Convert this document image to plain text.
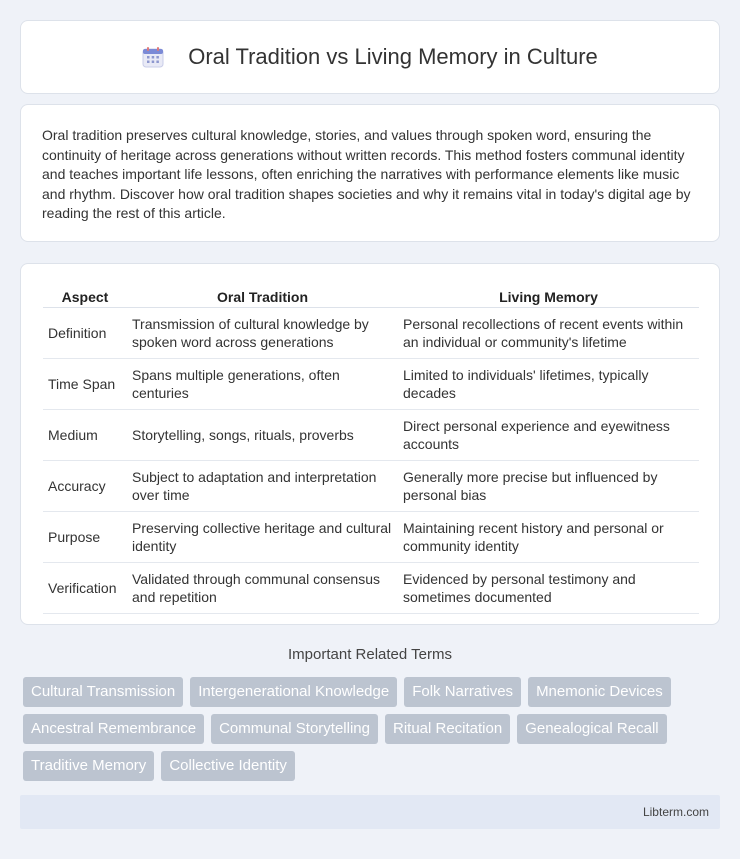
Oral Tradition vs Living Memory in Culture

Oral tradition preserves cultural knowledge, stories, and values through spoken word, ensuring the continuity of heritage across generations without written records. This method fosters communal identity and teaches important life lessons, often enriching the narratives with performance elements like music and rhythm. Discover how oral tradition shapes societies and why it remains vital in today's digital age by reading the rest of this article.

Aspect	Oral Tradition	Living Memory
Definition	Transmission of cultural knowledge by spoken word across generations	Personal recollections of recent events within an individual or community's lifetime
Time Span	Spans multiple generations, often centuries	Limited to individuals' lifetimes, typically decades
Medium	Storytelling, songs, rituals, proverbs	Direct personal experience and eyewitness accounts
Accuracy	Subject to adaptation and interpretation over time	Generally more precise but influenced by personal bias
Purpose	Preserving collective heritage and cultural identity	Maintaining recent history and personal or community identity
Verification	Validated through communal consensus and repetition	Evidenced by personal testimony and sometimes documented
Important Related Terms
Cultural Transmission	Intergenerational Knowledge	Folk Narratives	Mnemonic Devices
Ancestral Remembrance	Communal Storytelling	Ritual Recitation	Genealogical Recall
Traditive Memory	Collective Identity
Libterm.com
